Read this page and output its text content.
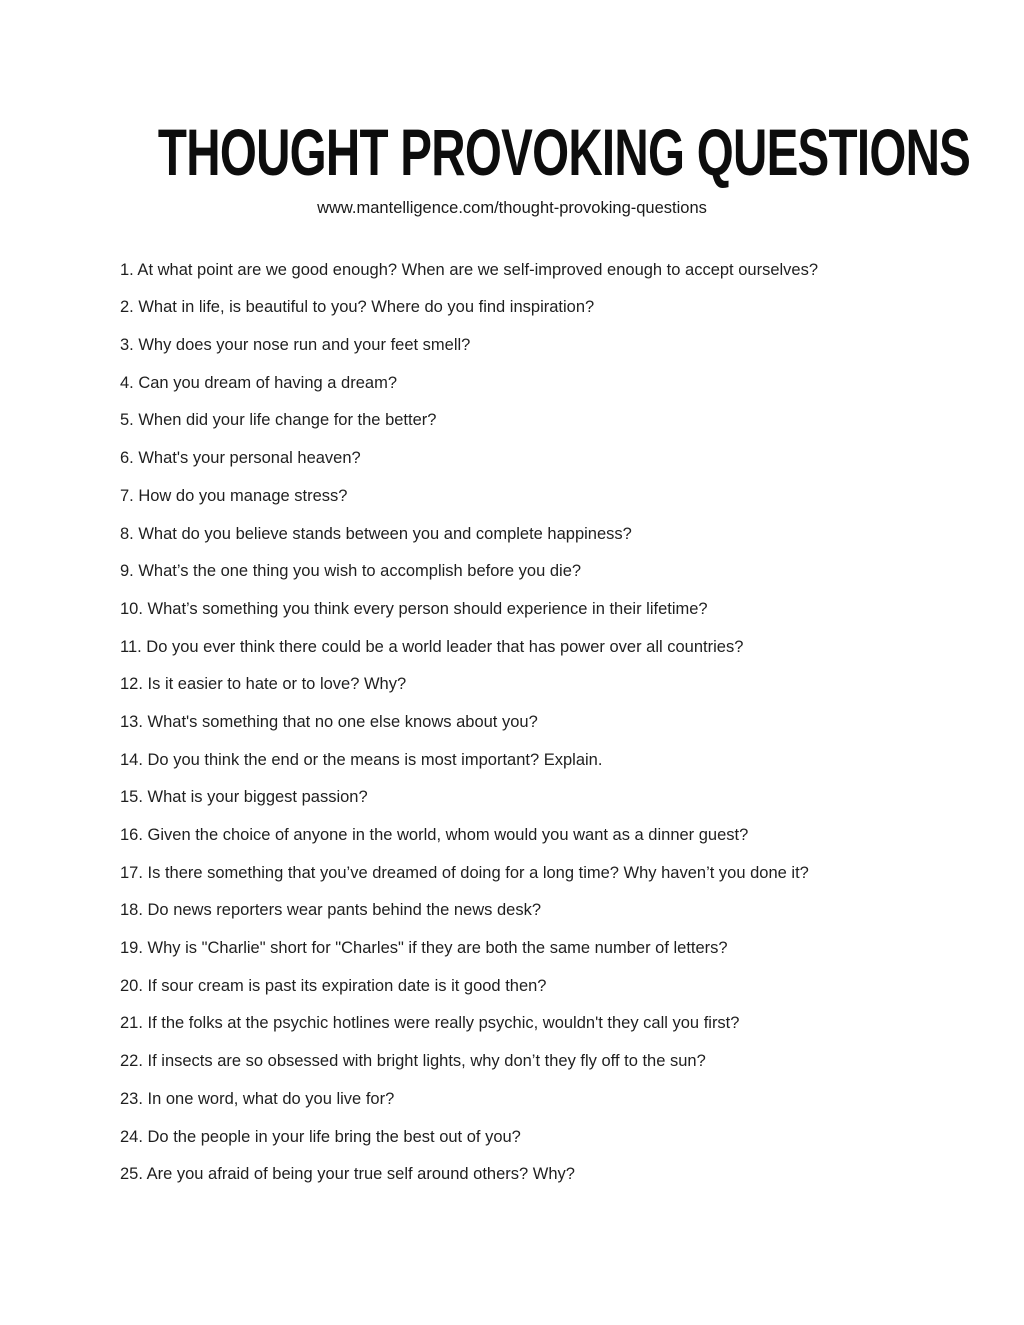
THOUGHT PROVOKING QUESTIONS
www.mantelligence.com/thought-provoking-questions

1. At what point are we good enough? When are we self-improved enough to accept ourselves?

2. What in life, is beautiful to you? Where do you find inspiration?

3. Why does your nose run and your feet smell?

4. Can you dream of having a dream?

5. When did your life change for the better?

6. What's your personal heaven?

7. How do you manage stress?

8. What do you believe stands between you and complete happiness?

9. What’s the one thing you wish to accomplish before you die?

10. What’s something you think every person should experience in their lifetime?

11. Do you ever think there could be a world leader that has power over all countries?

12. Is it easier to hate or to love? Why?

13. What's something that no one else knows about you?

14. Do you think the end or the means is most important? Explain.

15. What is your biggest passion?

16. Given the choice of anyone in the world, whom would you want as a dinner guest?

17. Is there something that you’ve dreamed of doing for a long time? Why haven’t you done it?

18. Do news reporters wear pants behind the news desk?

19. Why is "Charlie" short for "Charles" if they are both the same number of letters?

20. If sour cream is past its expiration date is it good then?

21. If the folks at the psychic hotlines were really psychic, wouldn't they call you first?

22. If insects are so obsessed with bright lights, why don’t they fly off to the sun?

23. In one word, what do you live for?

24. Do the people in your life bring the best out of you?

25. Are you afraid of being your true self around others? Why?
